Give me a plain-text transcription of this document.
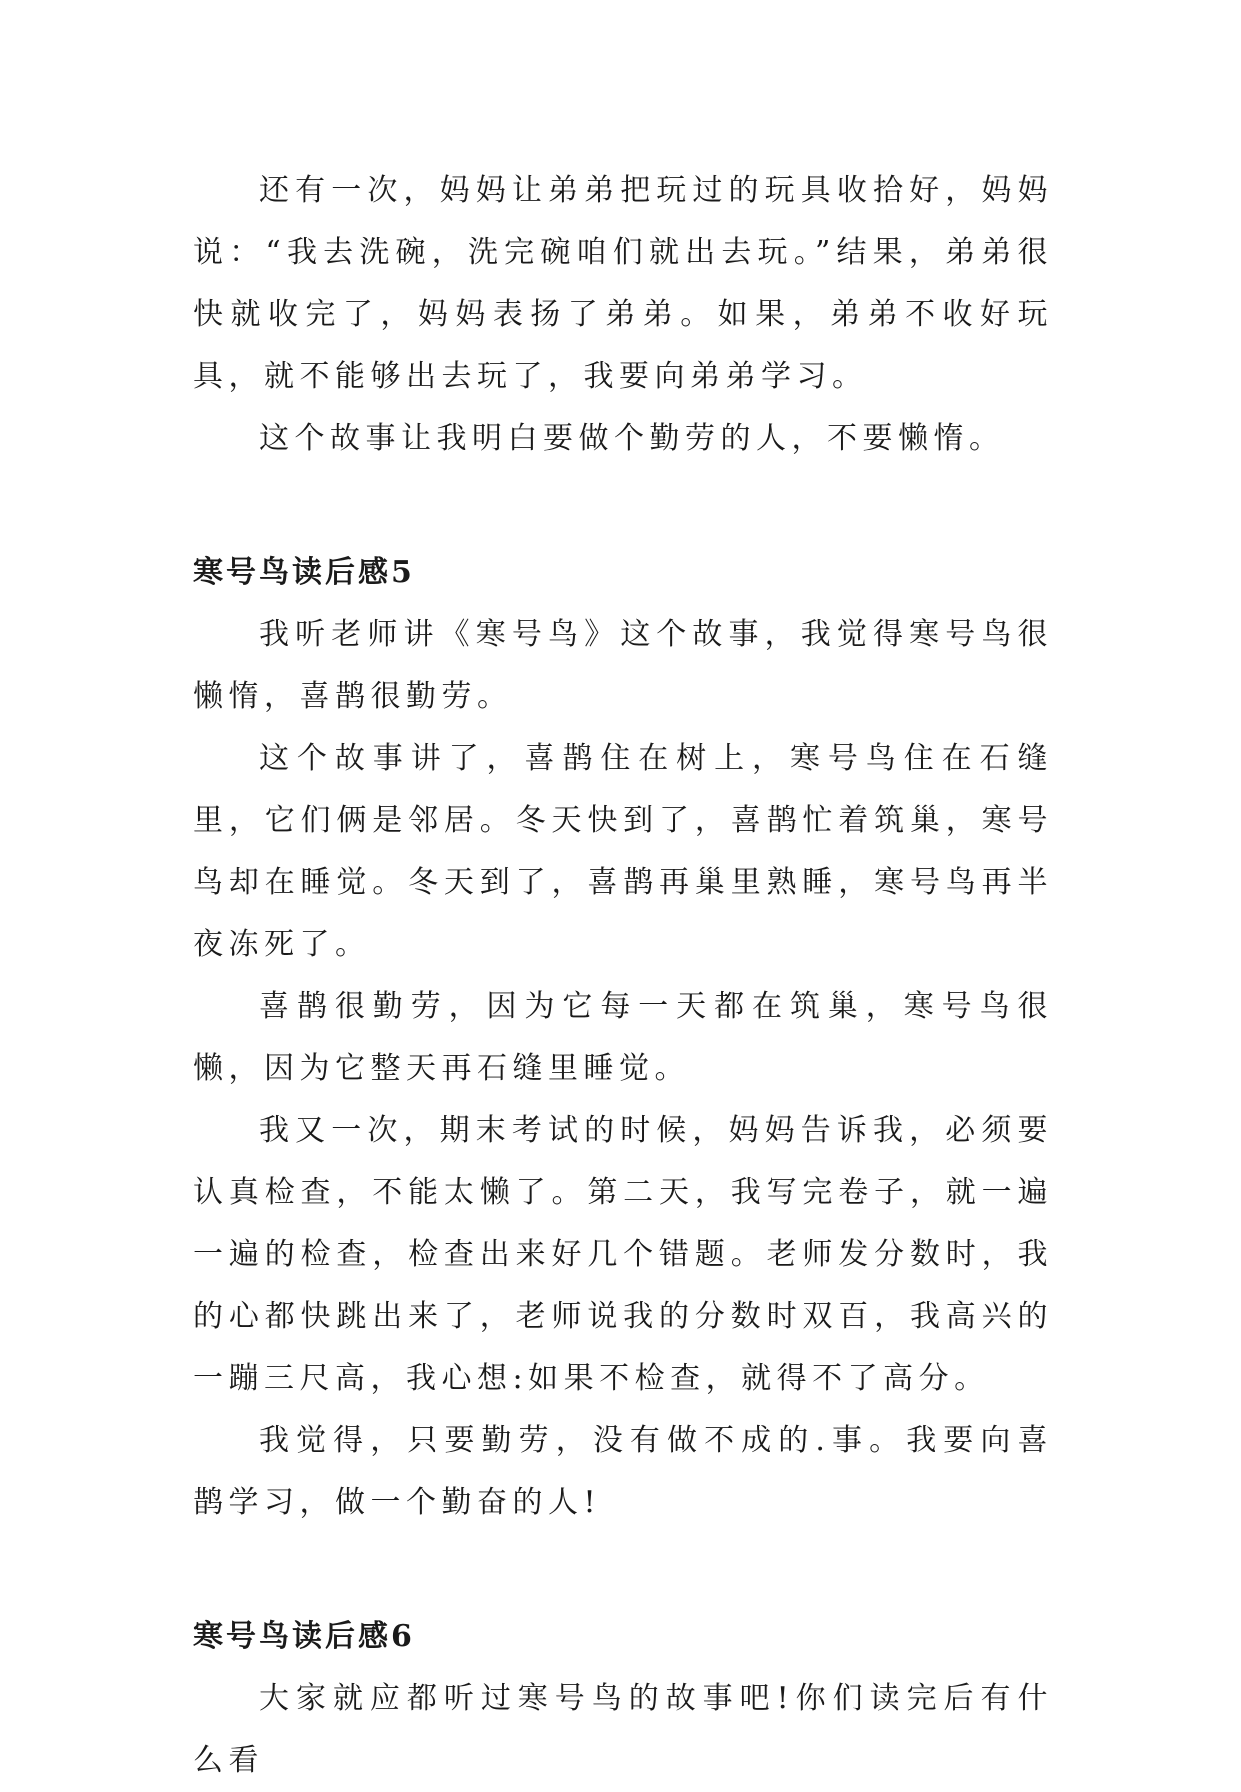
还有一次，妈妈让弟弟把玩过的玩具收拾好，妈妈说：“我去洗碗，洗完碗咱们就出去玩。”结果，弟弟很快就收完了，妈妈表扬了弟弟。如果，弟弟不收好玩具，就不能够出去玩了，我要向弟弟学习。

这个故事让我明白要做个勤劳的人，不要懒惰。

寒号鸟读后感5

我听老师讲《寒号鸟》这个故事，我觉得寒号鸟很懒惰，喜鹊很勤劳。

这个故事讲了，喜鹊住在树上，寒号鸟住在石缝里，它们俩是邻居。冬天快到了，喜鹊忙着筑巢，寒号鸟却在睡觉。冬天到了，喜鹊再巢里熟睡，寒号鸟再半夜冻死了。

喜鹊很勤劳，因为它每一天都在筑巢，寒号鸟很懒，因为它整天再石缝里睡觉。

我又一次，期末考试的时候，妈妈告诉我，必须要认真检查，不能太懒了。第二天，我写完卷子，就一遍一遍的检查，检查出来好几个错题。老师发分数时，我的心都快跳出来了，老师说我的分数时双百，我高兴的一蹦三尺高，我心想:如果不检查，就得不了高分。

我觉得，只要勤劳，没有做不成的.事。我要向喜鹊学习，做一个勤奋的人!

寒号鸟读后感6

大家就应都听过寒号鸟的故事吧!你们读完后有什么看
